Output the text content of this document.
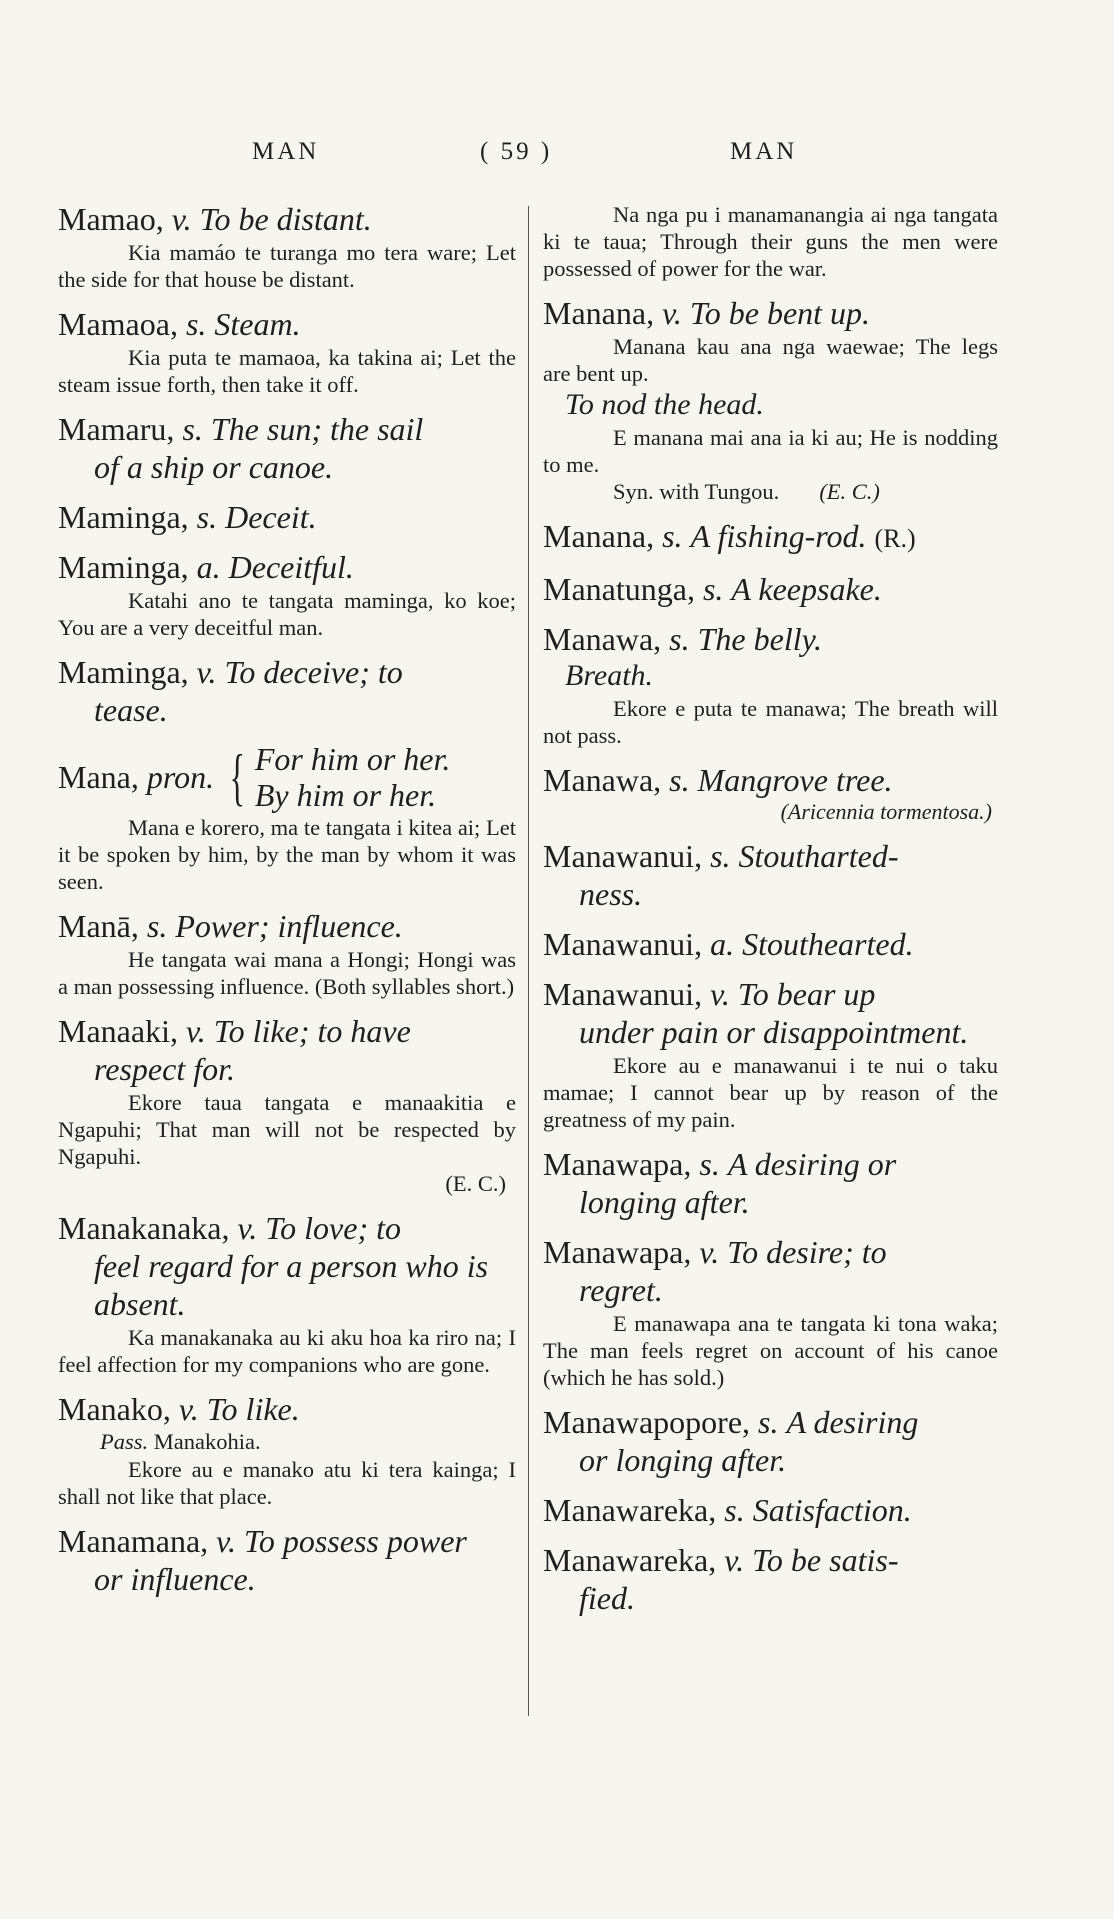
MAN	( 59 )	MAN
Mamao, v. To be distant.
Kia mamáo te turanga mo tera ware; Let the side for that house be distant.
Mamaoa, s. Steam.
Kia puta te mamaoa, ka takina ai; Let the steam issue forth, then take it off.
Mamaru, s. The sun; the sail
of a ship or canoe.
Maminga, s. Deceit.
Maminga, a. Deceitful.
Katahi ano te tangata maminga, ko koe; You are a very deceitful man.
Maminga, v. To deceive; to
tease.
Mana, pron. { For him or her.
By him or her.
Mana e korero, ma te tangata i kitea ai; Let it be spoken by him, by the man by whom it was seen.
Manā, s. Power; influence.
He tangata wai mana a Hongi; Hongi was a man possessing influence. (Both syllables short.)
Manaaki, v. To like; to have
respect for.
Ekore taua tangata e manaakitia e Ngapuhi; That man will not be respected by Ngapuhi.
(E. C.)
Manakanaka, v. To love; to
feel regard for a person who is absent.
Ka manakanaka au ki aku hoa ka riro na; I feel affection for my companions who are gone.
Manako, v. To like.
Pass. Manakohia.
Ekore au e manako atu ki tera kainga; I shall not like that place.
Manamana, v. To possess power
or influence.
Na nga pu i manamanangia ai nga tangata ki te taua; Through their guns the men were possessed of power for the war.
Manana, v. To be bent up.
Manana kau ana nga waewae; The legs are bent up.
To nod the head.
E manana mai ana ia ki au; He is nodding to me.
Syn. with Tungou. (E. C.)
Manana, s. A fishing-rod. (R.)
Manatunga, s. A keepsake.
Manawa, s. The belly.
Breath.
Ekore e puta te manawa; The breath will not pass.
Manawa, s. Mangrove tree.
(Aricennia tormentosa.)
Manawanui, s. Stoutharted-
ness.
Manawanui, a. Stouthearted.
Manawanui, v. To bear up
under pain or disappointment.
Ekore au e manawanui i te nui o taku mamae; I cannot bear up by reason of the greatness of my pain.
Manawapa, s. A desiring or
longing after.
Manawapa, v. To desire; to
regret.
E manawapa ana te tangata ki tona waka; The man feels regret on account of his canoe (which he has sold.)
Manawapopore, s. A desiring
or longing after.
Manawareka, s. Satisfaction.
Manawareka, v. To be satis-
fied.
